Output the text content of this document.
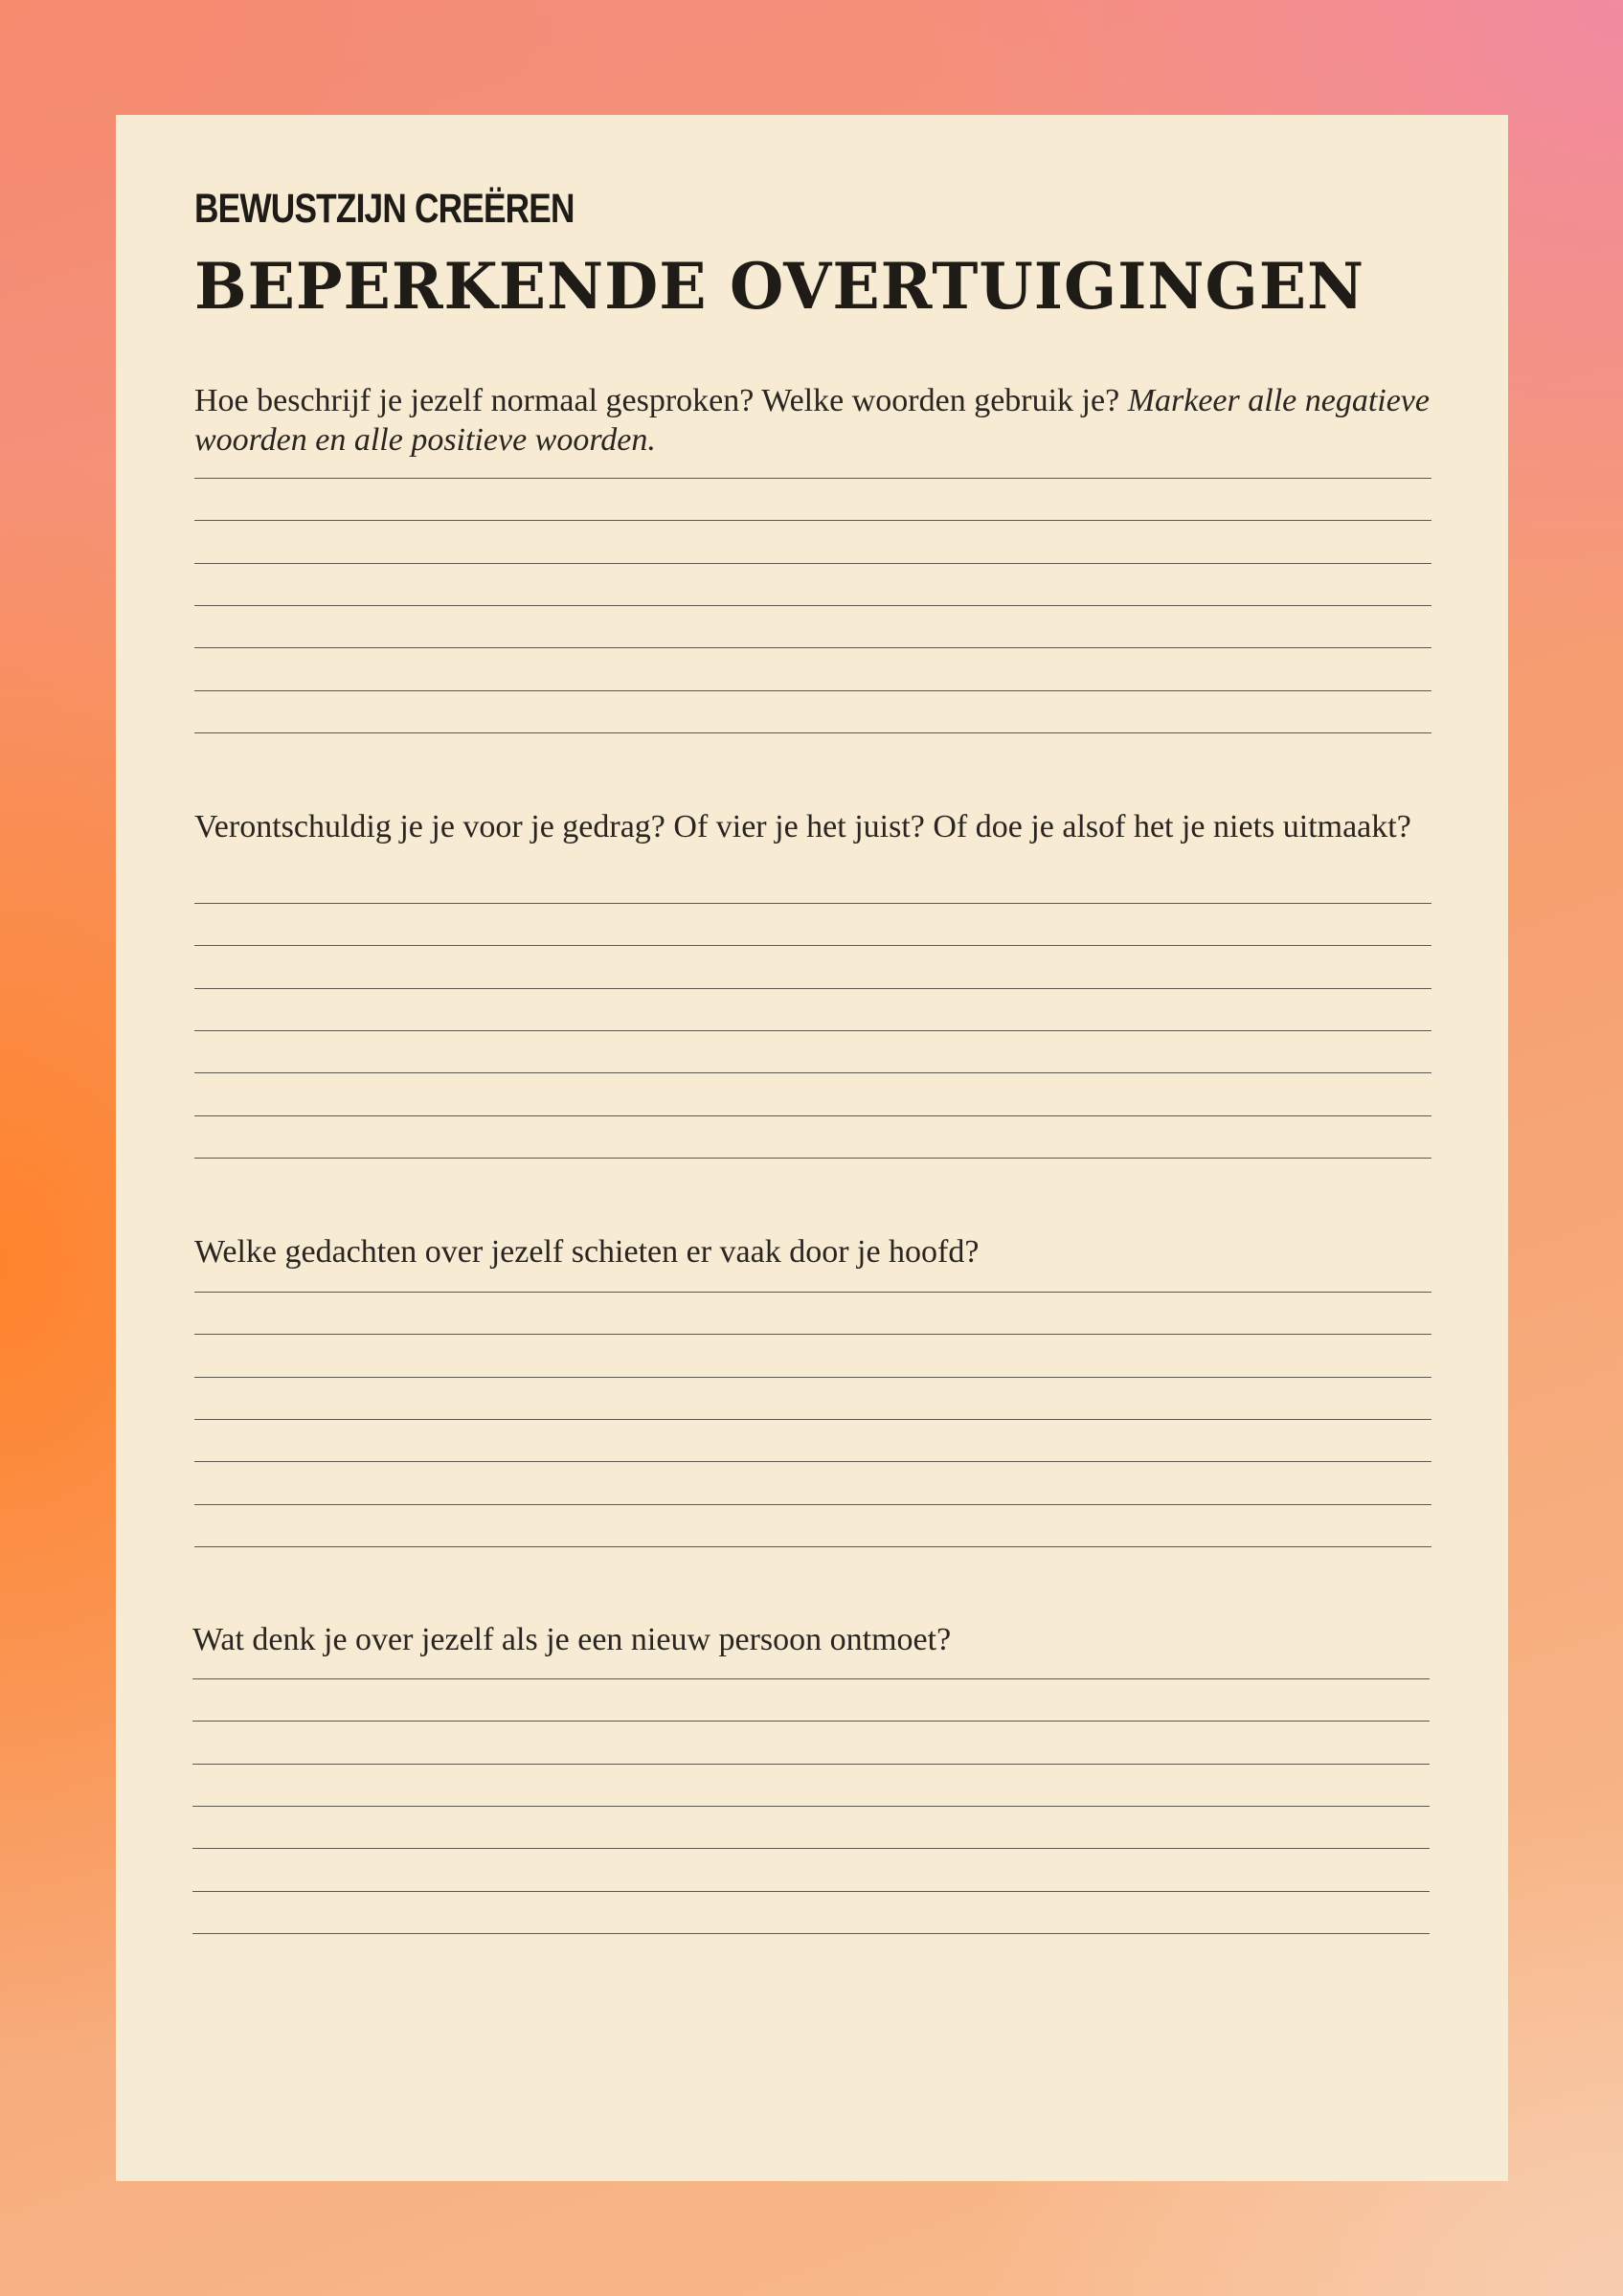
BEWUSTZIJN CREËREN
BEPERKENDE OVERTUIGINGEN
Hoe beschrijf je jezelf normaal gesproken? Welke woorden gebruik je? Markeer alle negatieve woorden en alle positieve woorden.
Verontschuldig je je voor je gedrag? Of vier je het juist? Of doe je alsof het je niets uitmaakt?
Welke gedachten over jezelf schieten er vaak door je hoofd?
Wat denk je over jezelf als je een nieuw persoon ontmoet?
